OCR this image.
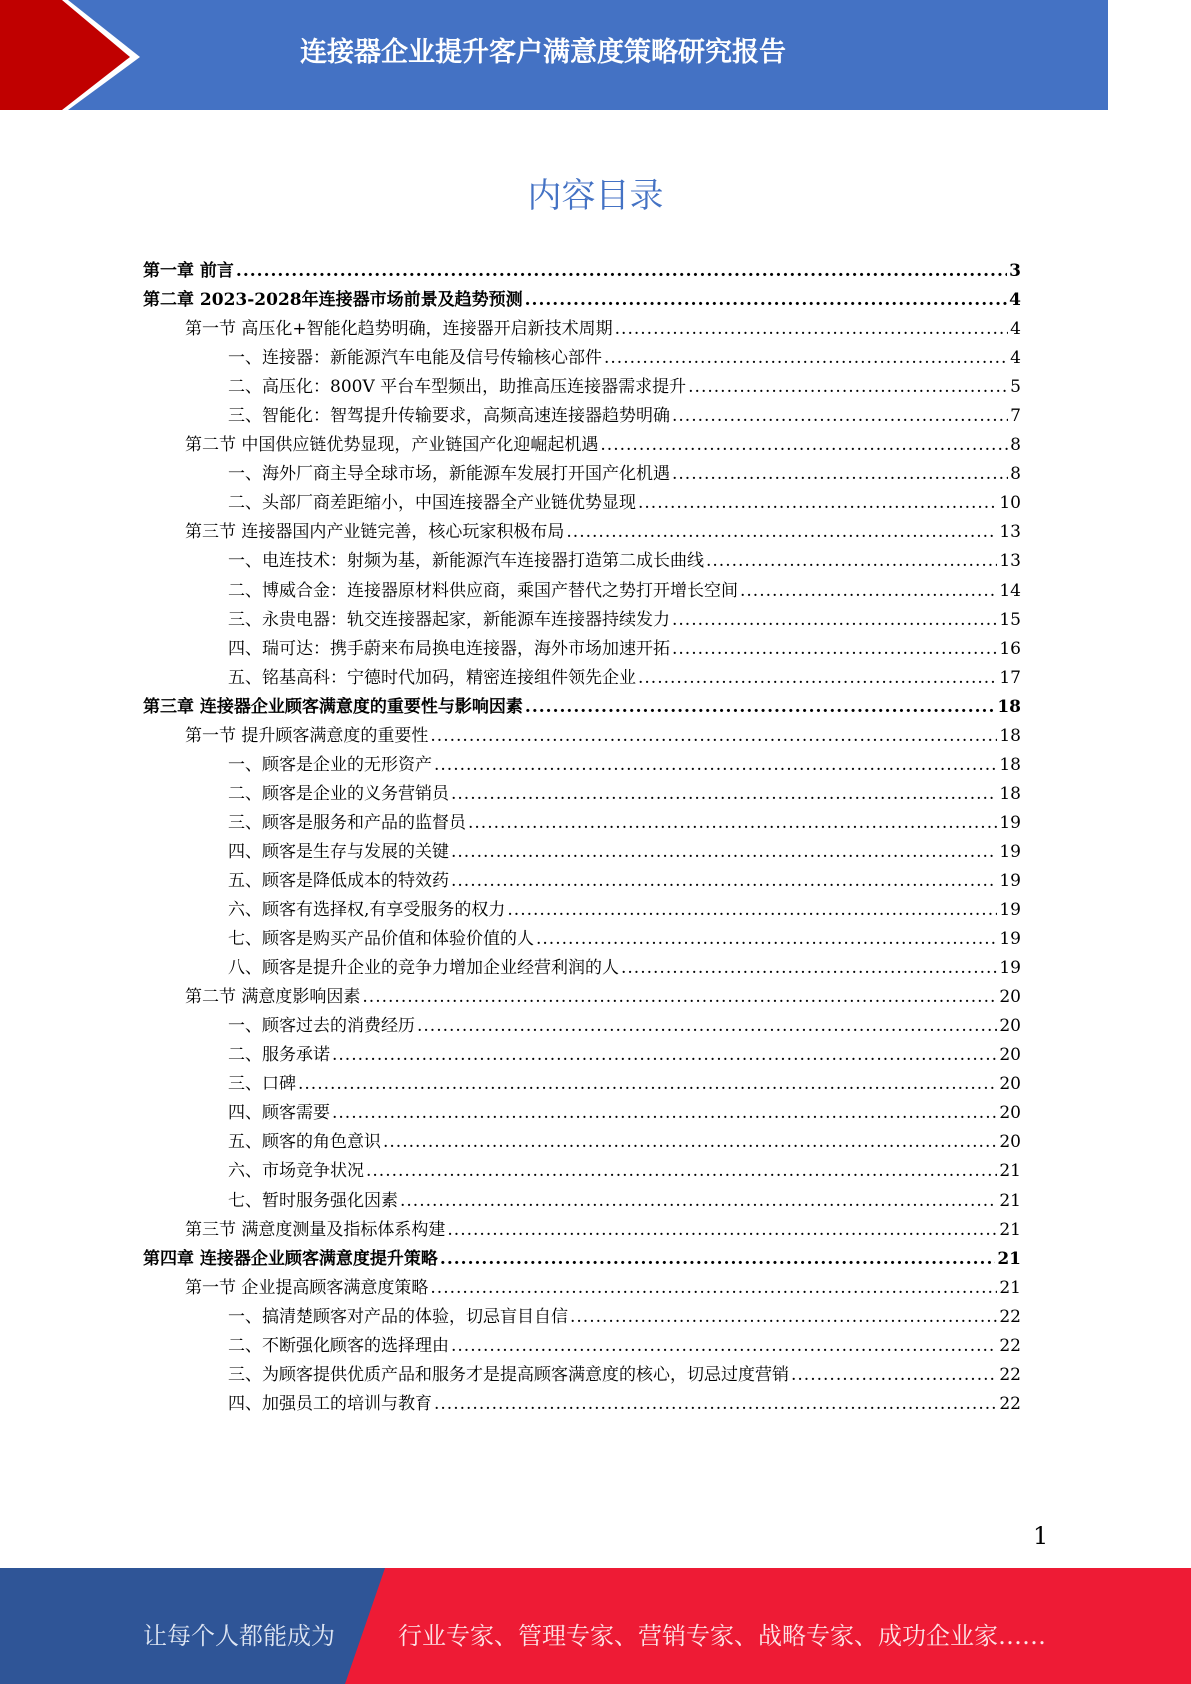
连接器企业提升客户满意度策略研究报告
内容目录
第一章 前言 .....	3
第二章 2023-2028年连接器市场前景及趋势预测 .....	4
第一节 高压化+智能化趋势明确，连接器开启新技术周期 .....	4
一、连接器：新能源汽车电能及信号传输核心部件 .....	4
二、高压化：800V 平台车型频出，助推高压连接器需求提升 .....	5
三、智能化：智驾提升传输要求，高频高速连接器趋势明确 .....	7
第二节 中国供应链优势显现，产业链国产化迎崛起机遇 .....	8
一、海外厂商主导全球市场，新能源车发展打开国产化机遇 .....	8
二、头部厂商差距缩小，中国连接器全产业链优势显现 .....	10
第三节 连接器国内产业链完善，核心玩家积极布局 .....	13
一、电连技术：射频为基，新能源汽车连接器打造第二成长曲线 .....	13
二、博威合金：连接器原材料供应商，乘国产替代之势打开增长空间 .....	14
三、永贵电器：轨交连接器起家，新能源车连接器持续发力 .....	15
四、瑞可达：携手蔚来布局换电连接器，海外市场加速开拓 .....	16
五、铭基高科：宁德时代加码，精密连接组件领先企业 .....	17
第三章 连接器企业顾客满意度的重要性与影响因素 .....	18
第一节 提升顾客满意度的重要性 .....	18
一、顾客是企业的无形资产 .....	18
二、顾客是企业的义务营销员 .....	18
三、顾客是服务和产品的监督员 .....	19
四、顾客是生存与发展的关键 .....	19
五、顾客是降低成本的特效药 .....	19
六、顾客有选择权,有享受服务的权力 .....	19
七、顾客是购买产品价值和体验价值的人 .....	19
八、顾客是提升企业的竞争力增加企业经营利润的人 .....	19
第二节 满意度影响因素 .....	20
一、顾客过去的消费经历 .....	20
二、服务承诺 .....	20
三、口碑 .....	20
四、顾客需要 .....	20
五、顾客的角色意识 .....	20
六、市场竞争状况 .....	21
七、暂时服务强化因素 .....	21
第三节 满意度测量及指标体系构建 .....	21
第四章 连接器企业顾客满意度提升策略 .....	21
第一节 企业提高顾客满意度策略 .....	21
一、搞清楚顾客对产品的体验，切忌盲目自信 .....	22
二、不断强化顾客的选择理由 .....	22
三、为顾客提供优质产品和服务才是提高顾客满意度的核心，切忌过度营销 .....	22
四、加强员工的培训与教育 .....	22
1
让每个人都能成为	行业专家、管理专家、营销专家、战略专家、成功企业家……
